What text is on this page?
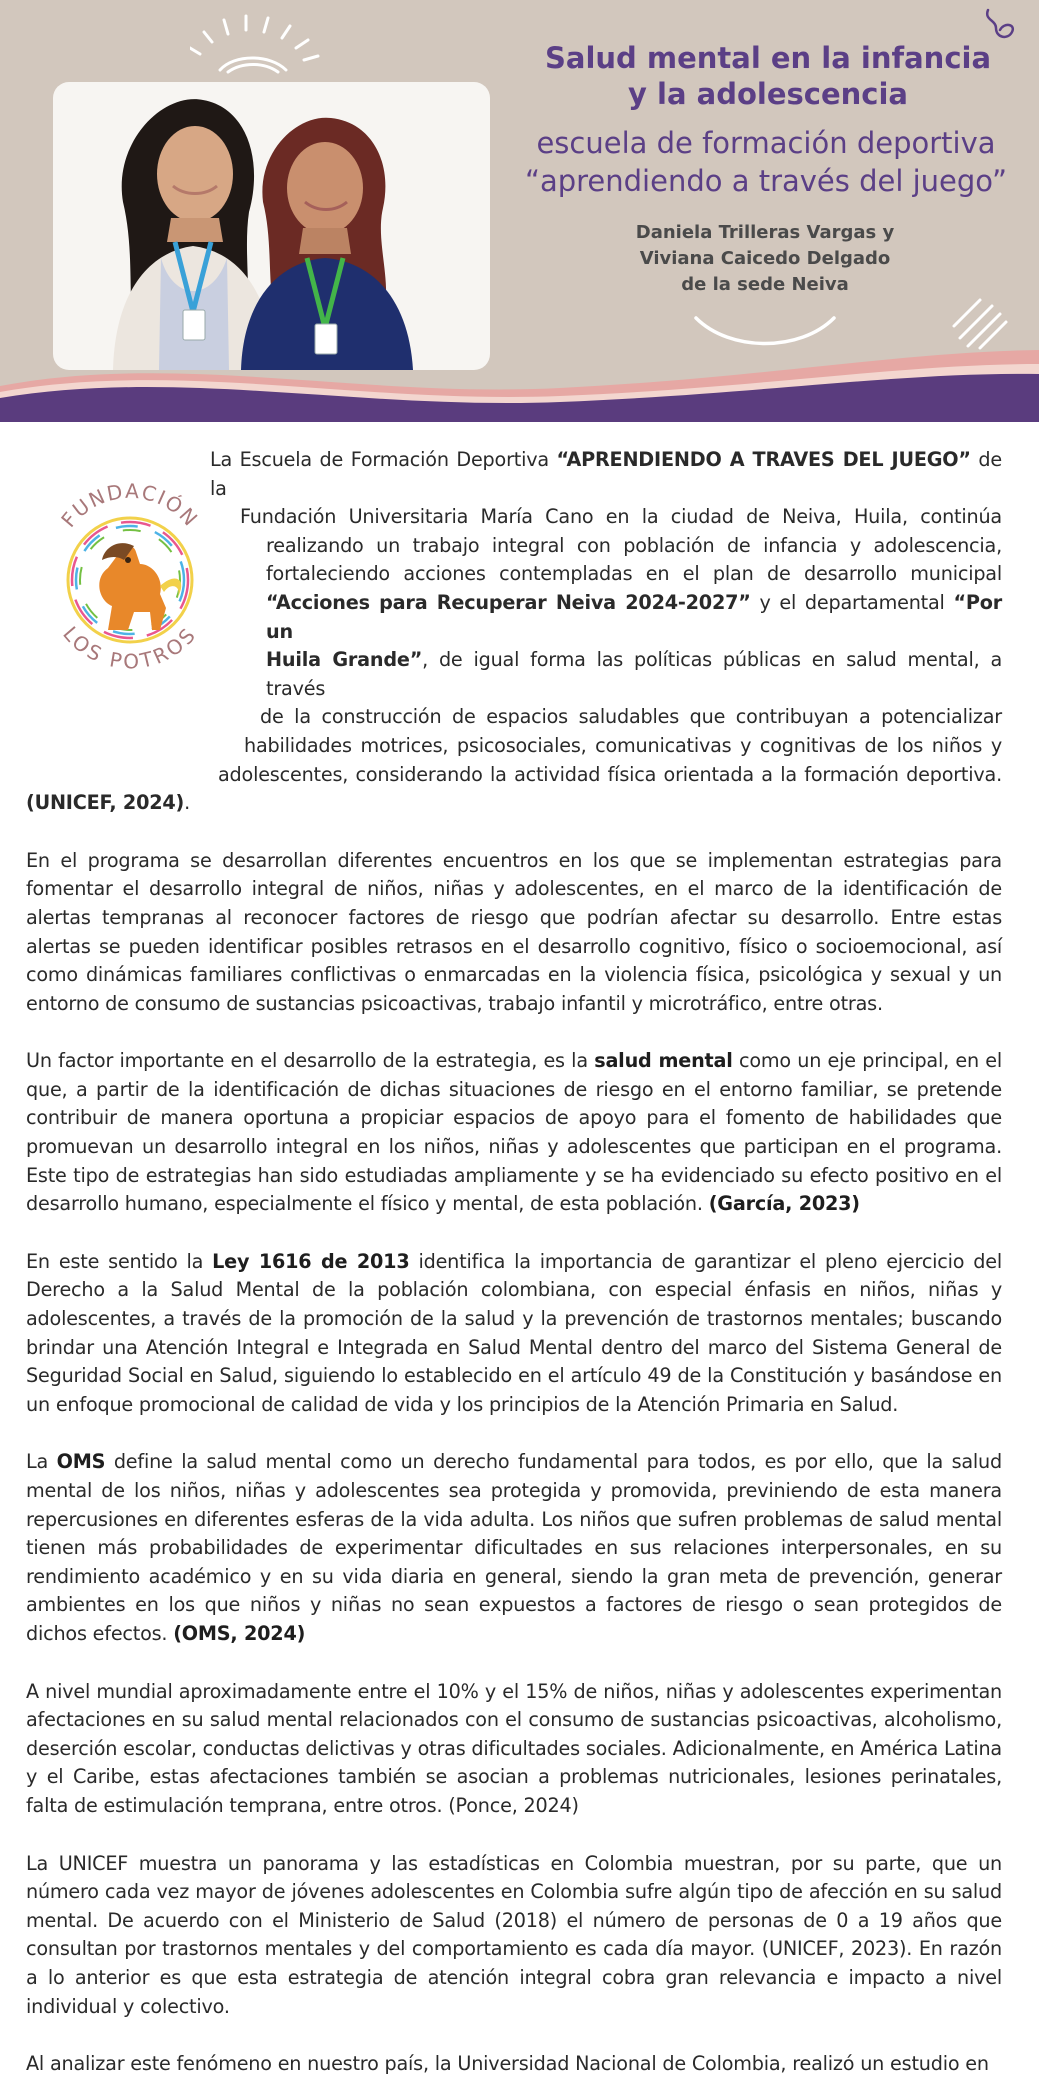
Salud mental en la infancia
y la adolescencia

escuela de formación deportiva
“aprendiendo a través del juego”

Daniela Trilleras Vargas y
Viviana Caicedo Delgado
de la sede Neiva

FUNDACIÓN
LOS POTROS
La Escuela de Formación Deportiva “APRENDIENDO A TRAVES DEL JUEGO” de la
Fundación Universitaria María Cano en la ciudad de Neiva, Huila, continúa
realizando un trabajo integral con población de infancia y adolescencia,
fortaleciendo acciones contempladas en el plan de desarrollo municipal
“Acciones para Recuperar Neiva 2024-2027” y el departamental “Por un
Huila Grande”, de igual forma las políticas públicas en salud mental, a través
de la construcción de espacios saludables que contribuyan a potencializar
habilidades motrices, psicosociales, comunicativas y cognitivas de los niños y
adolescentes, considerando la actividad física orientada a la formación deportiva.
(UNICEF, 2024).

En el programa se desarrollan diferentes encuentros en los que se implementan estrategias para fomentar el desarrollo integral de niños, niñas y adolescentes, en el marco de la identificación de alertas tempranas al reconocer factores de riesgo que podrían afectar su desarrollo. Entre estas alertas se pueden identificar posibles retrasos en el desarrollo cognitivo, físico o socioemocional, así como dinámicas familiares conflictivas o enmarcadas en la violencia física, psicológica y sexual y un entorno de consumo de sustancias psicoactivas, trabajo infantil y microtráfico, entre otras.

Un factor importante en el desarrollo de la estrategia, es la salud mental como un eje principal, en el que, a partir de la identificación de dichas situaciones de riesgo en el entorno familiar, se pretende contribuir de manera oportuna a propiciar espacios de apoyo para el fomento de habilidades que promuevan un desarrollo integral en los niños, niñas y adolescentes que participan en el programa. Este tipo de estrategias han sido estudiadas ampliamente y se ha evidenciado su efecto positivo en el desarrollo humano, especialmente el físico y mental, de esta población. (García, 2023)

En este sentido la Ley 1616 de 2013 identifica la importancia de garantizar el pleno ejercicio del Derecho a la Salud Mental de la población colombiana, con especial énfasis en niños, niñas y adolescentes, a través de la promoción de la salud y la prevención de trastornos mentales; buscando brindar una Atención Integral e Integrada en Salud Mental dentro del marco del Sistema General de Seguridad Social en Salud, siguiendo lo establecido en el artículo 49 de la Constitución y basándose en un enfoque promocional de calidad de vida y los principios de la Atención Primaria en Salud.

La OMS define la salud mental como un derecho fundamental para todos, es por ello, que la salud mental de los niños, niñas y adolescentes sea protegida y promovida, previniendo de esta manera repercusiones en diferentes esferas de la vida adulta. Los niños que sufren problemas de salud mental tienen más probabilidades de experimentar dificultades en sus relaciones interpersonales, en su rendimiento académico y en su vida diaria en general, siendo la gran meta de prevención, generar ambientes en los que niños y niñas no sean expuestos a factores de riesgo o sean protegidos de dichos efectos. (OMS, 2024)

A nivel mundial aproximadamente entre el 10% y el 15% de niños, niñas y adolescentes experimentan afectaciones en su salud mental relacionados con el consumo de sustancias psicoactivas, alcoholismo, deserción escolar, conductas delictivas y otras dificultades sociales. Adicionalmente, en América Latina y el Caribe, estas afectaciones también se asocian a problemas nutricionales, lesiones perinatales, falta de estimulación temprana, entre otros. (Ponce, 2024)

La UNICEF muestra un panorama y las estadísticas en Colombia muestran, por su parte, que un número cada vez mayor de jóvenes adolescentes en Colombia sufre algún tipo de afección en su salud mental. De acuerdo con el Ministerio de Salud (2018) el número de personas de 0 a 19 años que consultan por trastornos mentales y del comportamiento es cada día mayor. (UNICEF, 2023). En razón a lo anterior es que esta estrategia de atención integral cobra gran relevancia e impacto a nivel individual y colectivo.

Al analizar este fenómeno en nuestro país, la Universidad Nacional de Colombia, realizó un estudio en
